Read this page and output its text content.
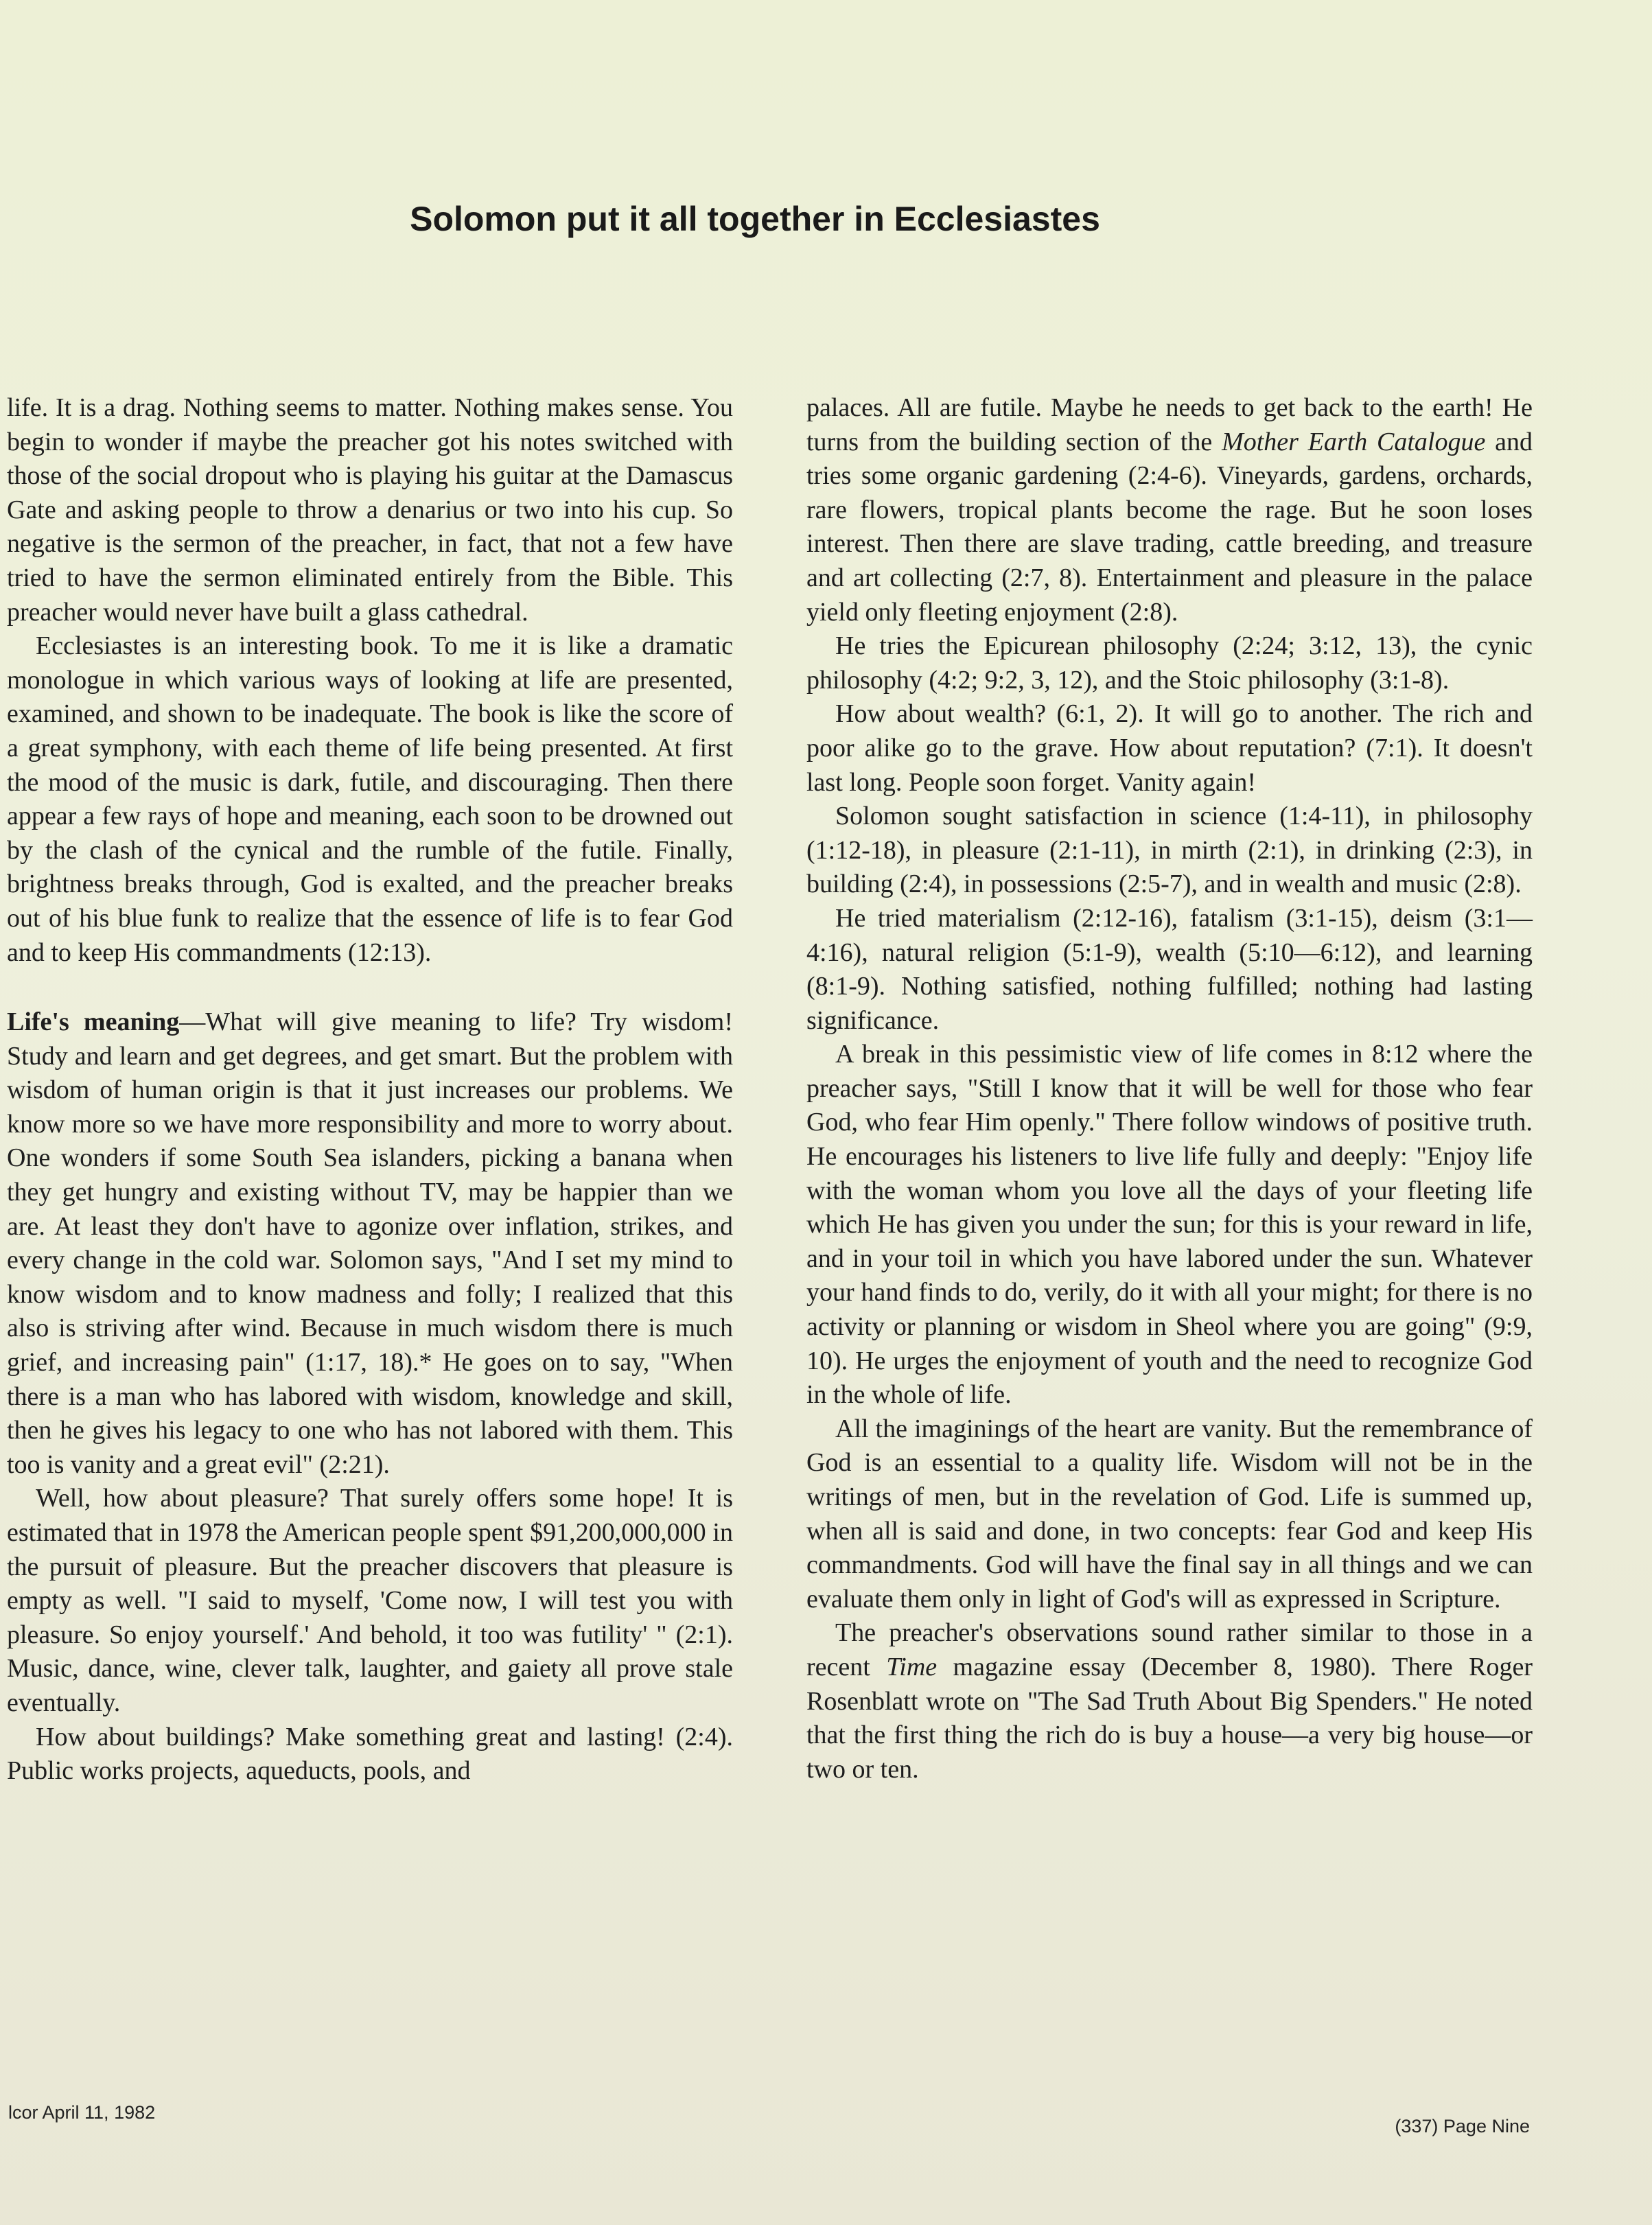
Solomon put it all together in Ecclesiastes

life. It is a drag. Nothing seems to matter. Nothing makes sense. You begin to wonder if maybe the preacher got his notes switched with those of the social dropout who is playing his guitar at the Damascus Gate and asking people to throw a denarius or two into his cup. So negative is the sermon of the preacher, in fact, that not a few have tried to have the sermon eliminated entirely from the Bible. This preacher would never have built a glass cathedral.

Ecclesiastes is an interesting book. To me it is like a dramatic monologue in which various ways of looking at life are presented, examined, and shown to be inadequate. The book is like the score of a great symphony, with each theme of life being presented. At first the mood of the music is dark, futile, and discouraging. Then there appear a few rays of hope and meaning, each soon to be drowned out by the clash of the cynical and the rumble of the futile. Finally, brightness breaks through, God is exalted, and the preacher breaks out of his blue funk to realize that the essence of life is to fear God and to keep His commandments (12:13).

Life's meaning—What will give meaning to life? Try wisdom! Study and learn and get degrees, and get smart. But the problem with wisdom of human origin is that it just increases our problems. We know more so we have more responsibility and more to worry about. One wonders if some South Sea islanders, picking a banana when they get hungry and existing without TV, may be happier than we are. At least they don't have to agonize over inflation, strikes, and every change in the cold war. Solomon says, "And I set my mind to know wisdom and to know madness and folly; I realized that this also is striving after wind. Because in much wisdom there is much grief, and increasing pain" (1:17, 18).* He goes on to say, "When there is a man who has labored with wisdom, knowledge and skill, then he gives his legacy to one who has not labored with them. This too is vanity and a great evil" (2:21).

Well, how about pleasure? That surely offers some hope! It is estimated that in 1978 the American people spent $91,200,000,000 in the pursuit of pleasure. But the preacher discovers that pleasure is empty as well. "I said to myself, 'Come now, I will test you with pleasure. So enjoy yourself.' And behold, it too was futility' " (2:1). Music, dance, wine, clever talk, laughter, and gaiety all prove stale eventually.

How about buildings? Make something great and lasting! (2:4). Public works projects, aqueducts, pools, and

palaces. All are futile. Maybe he needs to get back to the earth! He turns from the building section of the Mother Earth Catalogue and tries some organic gardening (2:4-6). Vineyards, gardens, orchards, rare flowers, tropical plants become the rage. But he soon loses interest. Then there are slave trading, cattle breeding, and treasure and art collecting (2:7, 8). Entertainment and pleasure in the palace yield only fleeting enjoyment (2:8).

He tries the Epicurean philosophy (2:24; 3:12, 13), the cynic philosophy (4:2; 9:2, 3, 12), and the Stoic philosophy (3:1-8).

How about wealth? (6:1, 2). It will go to another. The rich and poor alike go to the grave. How about reputation? (7:1). It doesn't last long. People soon forget. Vanity again!

Solomon sought satisfaction in science (1:4-11), in philosophy (1:12-18), in pleasure (2:1-11), in mirth (2:1), in drinking (2:3), in building (2:4), in possessions (2:5-7), and in wealth and music (2:8).

He tried materialism (2:12-16), fatalism (3:1-15), deism (3:1—4:16), natural religion (5:1-9), wealth (5:10—6:12), and learning (8:1-9). Nothing satisfied, nothing fulfilled; nothing had lasting significance.

A break in this pessimistic view of life comes in 8:12 where the preacher says, "Still I know that it will be well for those who fear God, who fear Him openly." There follow windows of positive truth. He encourages his listeners to live life fully and deeply: "Enjoy life with the woman whom you love all the days of your fleeting life which He has given you under the sun; for this is your reward in life, and in your toil in which you have labored under the sun. Whatever your hand finds to do, verily, do it with all your might; for there is no activity or planning or wisdom in Sheol where you are going" (9:9, 10). He urges the enjoyment of youth and the need to recognize God in the whole of life.

All the imaginings of the heart are vanity. But the remembrance of God is an essential to a quality life. Wisdom will not be in the writings of men, but in the revelation of God. Life is summed up, when all is said and done, in two concepts: fear God and keep His commandments. God will have the final say in all things and we can evaluate them only in light of God's will as expressed in Scripture.

The preacher's observations sound rather similar to those in a recent Time magazine essay (December 8, 1980). There Roger Rosenblatt wrote on "The Sad Truth About Big Spenders." He noted that the first thing the rich do is buy a house—a very big house—or two or ten.

lcor April 11, 1982
(337) Page Nine
